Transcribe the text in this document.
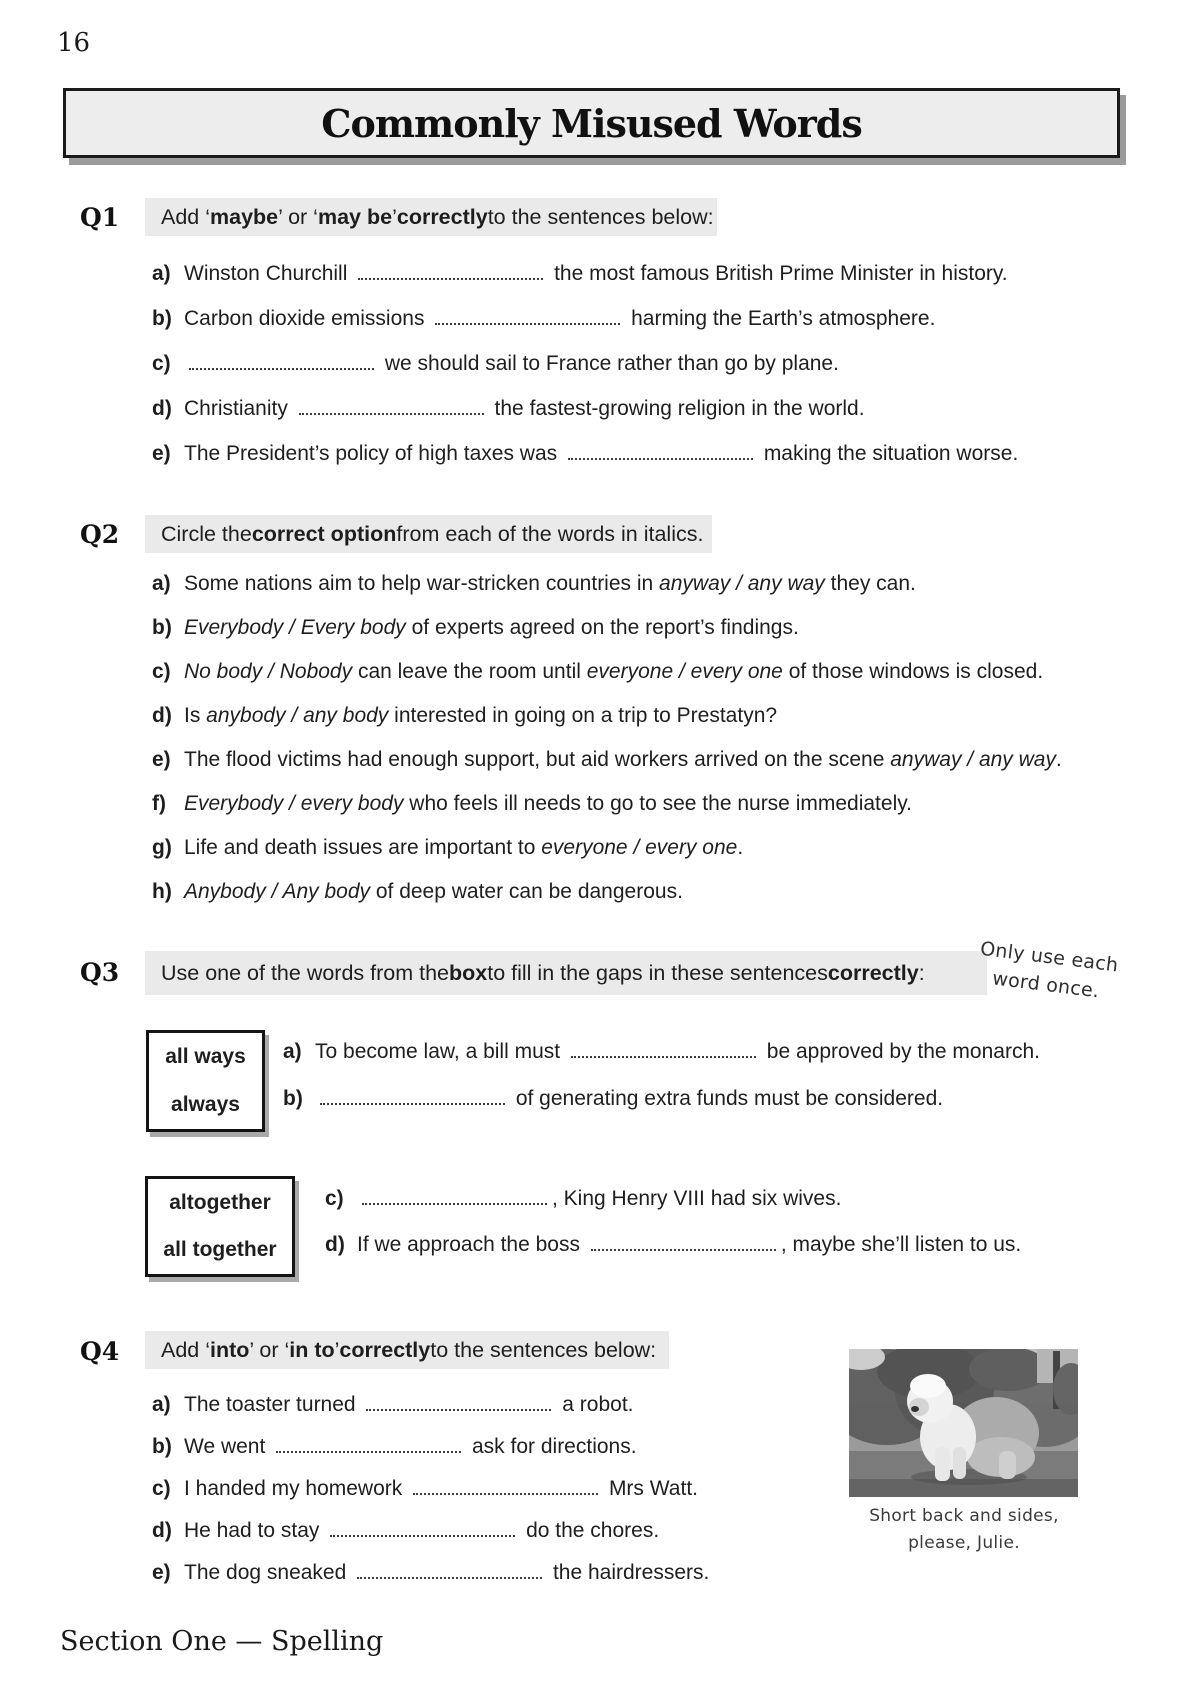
16
Commonly Misused Words
Q1 Add ‘ maybe ’ or ‘ may be ’ correctly to the sentences below:
a) Winston Churchill	the most famous British Prime Minister in history.
b) Carbon dioxide emissions	harming the Earth’s atmosphere.
c)	we should sail to France rather than go by plane.
d) Christianity	the fastest-growing religion in the world.
e) The President’s policy of high taxes was	making the situation worse.
Q2 Circle the correct option from each of the words in italics.
a) Some nations aim to help war-stricken countries in anyway / any way they can.
b) Everybody / Every body of experts agreed on the report’s findings.
c) No body / Nobody can leave the room until everyone / every one of those windows is closed.
d) Is anybody / any body interested in going on a trip to Prestatyn?
e) The flood victims had enough support, but aid workers arrived on the scene anyway / any way.
f) Everybody / every body who feels ill needs to go to see the nurse immediately.
g) Life and death issues are important to everyone / every one.
h) Anybody / Any body of deep water can be dangerous.
Q3 Use one of the words from the box to fill in the gaps in these sentences correctly :	Only use each
word once.
all ways
always
a) To become law, a bill must	be approved by the monarch.
b)	of generating extra funds must be considered.
altogether
all together
c)	, King Henry VIII had six wives.
d) If we approach the boss	, maybe she’ll listen to us.
Q4 Add ‘ into ’ or ‘ in to ’ correctly to the sentences below:
a) The toaster turned	a robot.
b) We went	ask for directions.
c) I handed my homework	Mrs Watt.
d) He had to stay	do the chores.
e) The dog sneaked	the hairdressers.
Short back and sides,
please, Julie.
Section One — Spelling
